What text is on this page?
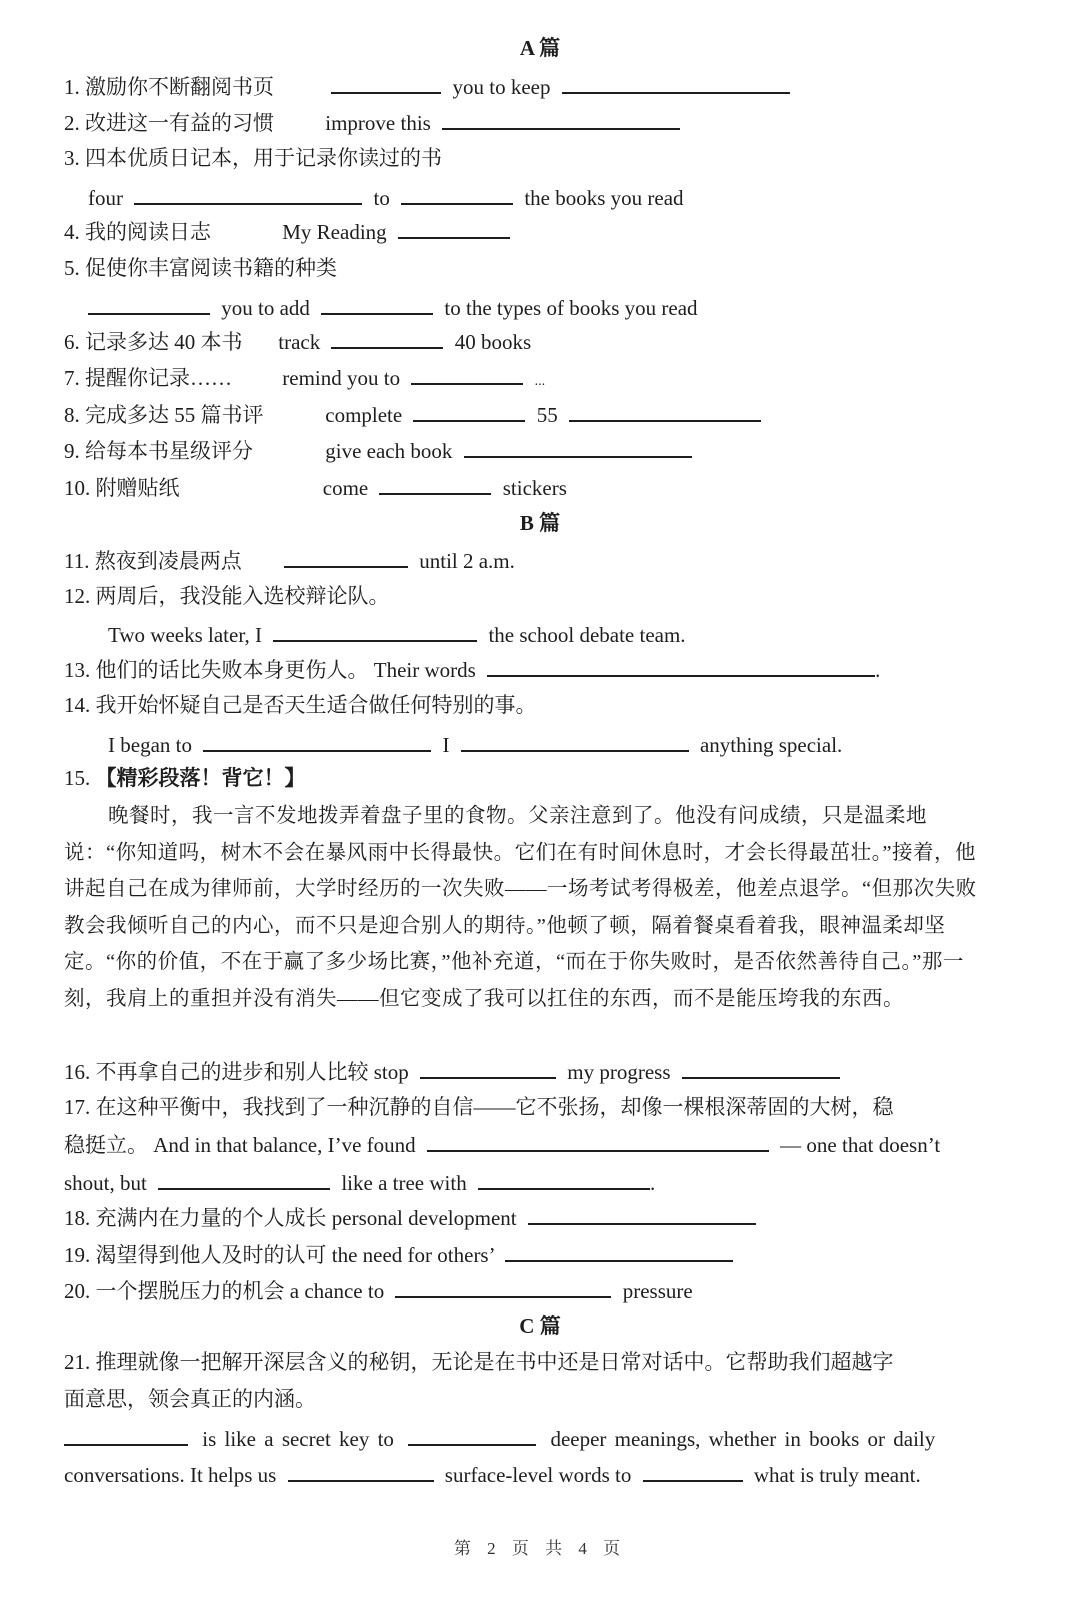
A 篇
1. 激励你不断翻阅书页	you to keep
2. 改进这一有益的习惯 improve this
3. 四本优质日记本，用于记录你读过的书
four	to	the books you read
4. 我的阅读日志	My Reading
5. 促使你丰富阅读书籍的种类
you to add	to the types of books you read
6. 记录多达 40 本书 track	40 books
7. 提醒你记录…… remind you to	...
8. 完成多达 55 篇书评	complete	55
9. 给每本书星级评分	give each book
10. 附赠贴纸	come	stickers
B 篇
11. 熬夜到凌晨两点	until 2 a.m.
12. 两周后，我没能入选校辩论队。
Two weeks later, I	the school debate team.
13. 他们的话比失败本身更伤人。 Their words	.
14. 我开始怀疑自己是否天生适合做任何特别的事。
I began to	I	anything special.
15. 【精彩段落！背它！】
晚餐时，我一言不发地拨弄着盘子里的食物。父亲注意到了。他没有问成绩，只是温柔地说：“你知道吗，树木不会在暴风雨中长得最快。它们在有时间休息时，才会长得最茁壮。”接着，他讲起自己在成为律师前，大学时经历的一次失败——一场考试考得极差，他差点退学。“但那次失败教会我倾听自己的内心，而不只是迎合别人的期待。”他顿了顿，隔着餐桌看着我，眼神温柔却坚定。“你的价值，不在于赢了多少场比赛，”他补充道，“而在于你失败时，是否依然善待自己。”那一刻，我肩上的重担并没有消失——但它变成了我可以扛住的东西，而不是能压垮我的东西。
16. 不再拿自己的进步和别人比较 stop	my progress
17. 在这种平衡中，我找到了一种沉静的自信——它不张扬，却像一棵根深蒂固的大树，稳
稳挺立。 And in that balance, I’ve found	— one that doesn’t
shout, but	like a tree with	.
18. 充满内在力量的个人成长 personal development
19. 渴望得到他人及时的认可 the need for others’
20. 一个摆脱压力的机会 a chance to	pressure
C 篇
21. 推理就像一把解开深层含义的秘钥，无论是在书中还是日常对话中。它帮助我们超越字
面意思，领会真正的内涵。
is like a secret key to	deeper meanings, whether in books or daily
conversations. It helps us	surface-level words to	what is truly meant.
第 2 页 共 4 页
